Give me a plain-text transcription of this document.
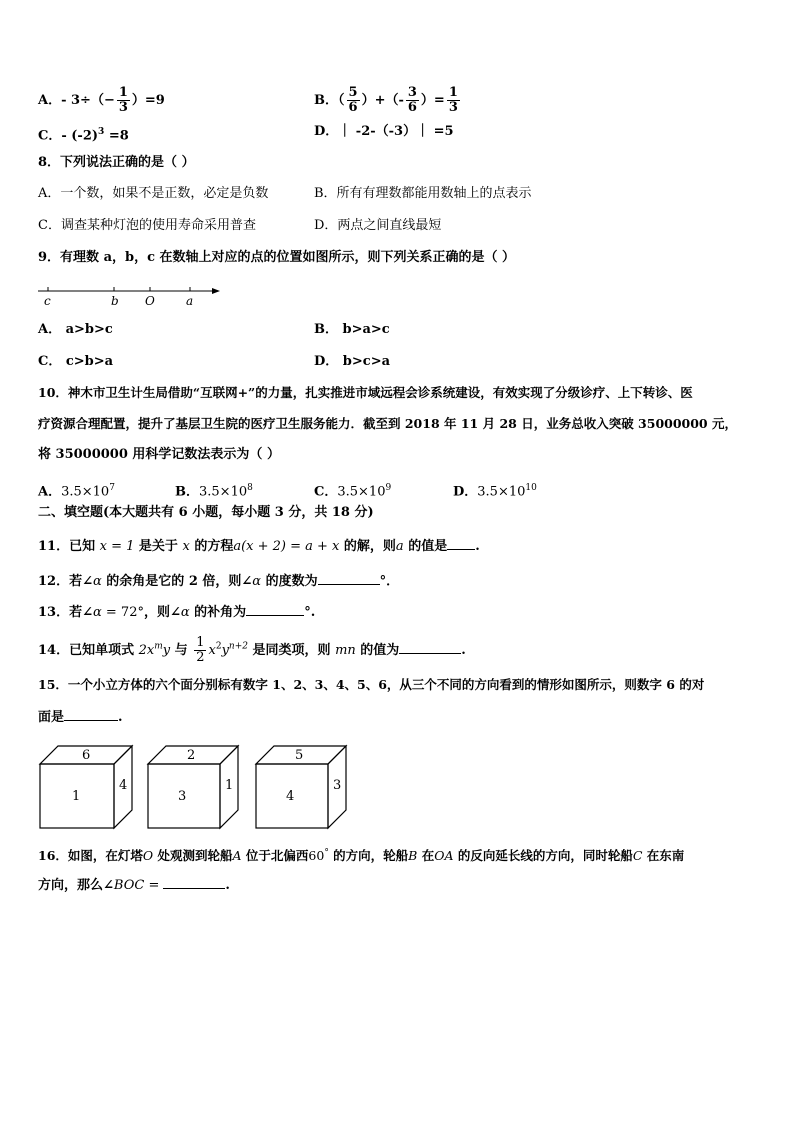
A．- $3\div(- \frac{1}{3} )=9$	B．（ $\frac{5}{6}$ ）+（- $\frac{3}{6}$ ）= $\frac{1}{3}$
C．- $(-2)^3 =8$	D．｜ -2-（-3）｜ =5
8．下列说法正确的是（ ）
A．一个数，如果不是正数，必定是负数	B．所有有理数都能用数轴上的点表示
C．调查某种灯泡的使用寿命采用普查	D．两点之间直线最短
9．有理数 a，b，c 在数轴上对应的点的位置如图所示，则下列关系正确的是（ ）
c	b O	a
A． a>b>c	B． b>a>c
C． c>b>a	D． b>c>a
10．神木市卫生计生局借助“互联网+”的力量，扎实推进市域远程会诊系统建设，有效实现了分级诊疗、上下转诊、医
疗资源合理配置，提升了基层卫生院的医疗卫生服务能力．截至到 2018 年 11 月 28 日，业务总收入突破 35000000 元，
将 35000000 用科学记数法表示为（ ）
A．$3.5\times 10^7$	B．$3.5\times 10^8$	C．$3.5\times 10^9$	D．$3.5\times 10^{10}$
二、填空题(本大题共有 6 小题，每小题 3 分，共 18 分)
11．已知 x = 1 是关于 x 的方程a(x + 2) = a + x 的解，则a 的值是 .
12．若∠α 的余角是它的 2 倍，则∠α 的度数为	°．
13．若∠α = 72°，则∠α 的补角为	°.
14．已知单项式 $2x^my$ 与 $\frac{1}{2} x^2y^{n+2}$ 是同类项，则 mn 的值为	.
15．一个小立方体的六个面分别标有数字 1、2、3、4、5、6，从三个不同的方向看到的情形如图所示，则数字 6 的对
面是	.
6
1
4
2
3
1
5
4
3
16．如图，在灯塔O 处观测到轮船A 位于北偏西60° 的方向，轮船B 在OA 的反向延长线的方向，同时轮船C 在东南
方向，那么∠BOC =	.
